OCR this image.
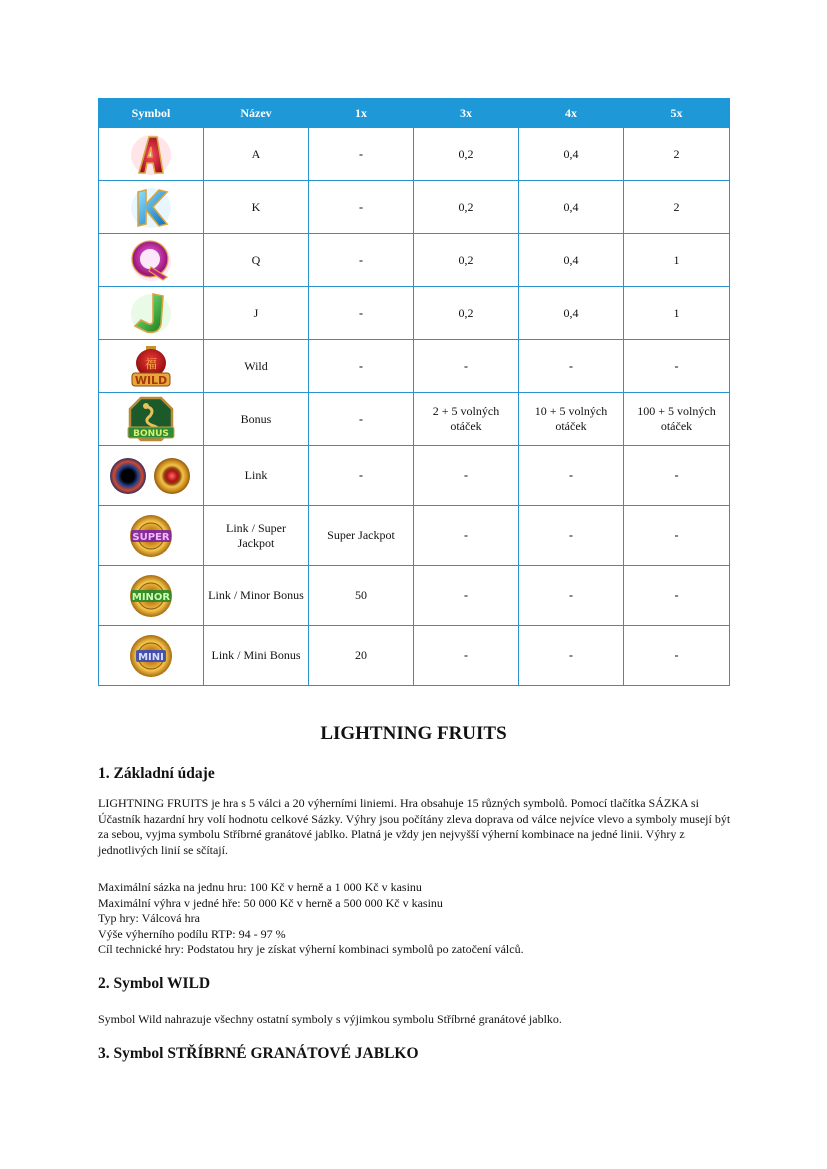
Symbol	Název	1x	3x	4x	5x
	A	-	0,2	0,4	2
	K	-	0,2	0,4	2
	Q	-	0,2	0,4	1
	J	-	0,2	0,4	1

福
WILD	Wild	-	-	-	-

BONUS	Bonus	-	2 + 5 volných otáček	10 + 5 volných otáček	100 + 5 volných otáček
	Link	-	-	-	-

SUPER	Link / Super Jackpot	Super Jackpot	-	-	-

MINOR	Link / Minor Bonus	50	-	-	-

MINI	Link / Mini Bonus	20	-	-	-
LIGHTNING FRUITS
1. Základní údaje

LIGHTNING FRUITS je hra s 5 válci a 20 výherními liniemi. Hra obsahuje 15 různých symbolů. Pomocí tlačítka SÁZKA si Účastník hazardní hry volí hodnotu celkové Sázky. Výhry jsou počítány zleva doprava od válce nejvíce vlevo a symboly musejí být za sebou, vyjma symbolu Stříbrné granátové jablko. Platná je vždy jen nejvyšší výherní kombinace na jedné linii. Výhry z jednotlivých linií se sčítají.

Maximální sázka na jednu hru: 100 Kč v herně a 1 000 Kč v kasinu

Maximální výhra v jedné hře: 50 000 Kč v herně a 500 000 Kč v kasinu

Typ hry: Válcová hra

Výše výherního podílu RTP: 94 - 97 %

Cíl technické hry: Podstatou hry je získat výherní kombinaci symbolů po zatočení válců.

2. Symbol WILD

Symbol Wild nahrazuje všechny ostatní symboly s výjimkou symbolu Stříbrné granátové jablko.

3. Symbol STŘÍBRNÉ GRANÁTOVÉ JABLKO
